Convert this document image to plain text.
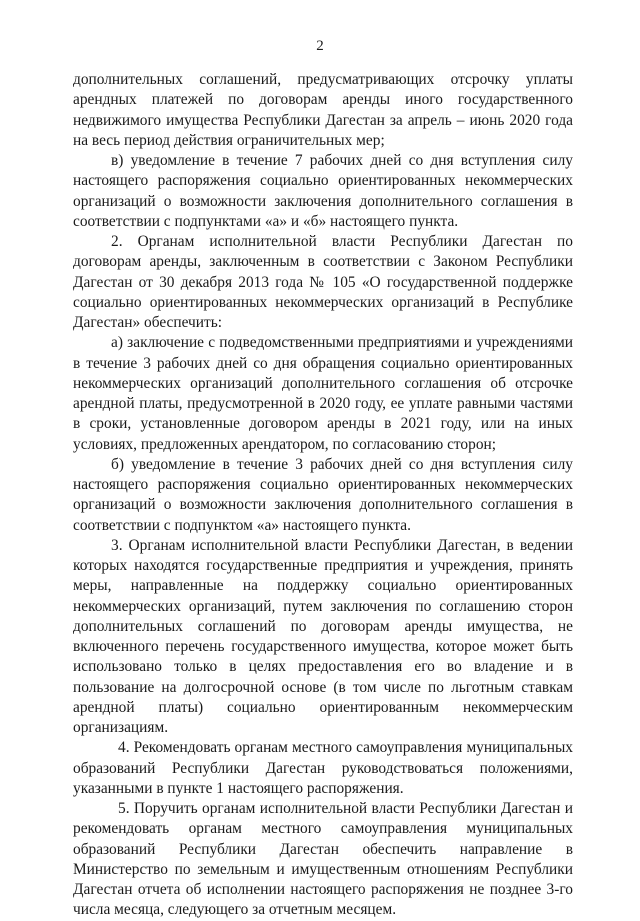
2

дополнительных соглашений, предусматривающих отсрочку уплаты арендных платежей по договорам аренды иного государственного недвижимого имущества Республики Дагестан за апрель – июнь 2020 года на весь период действия ограничительных мер;

в) уведомление в течение 7 рабочих дней со дня вступления силу настоящего распоряжения социально ориентированных некоммерческих организаций о возможности заключения дополнительного соглашения в соответствии с подпунктами «а» и «б» настоящего пункта.

2. Органам исполнительной власти Республики Дагестан по договорам аренды, заключенным в соответствии с Законом Республики Дагестан от 30 декабря 2013 года № 105 «О государственной поддержке социально ориентированных некоммерческих организаций в Республике Дагестан» обеспечить:

а) заключение с подведомственными предприятиями и учреждениями в течение 3 рабочих дней со дня обращения социально ориентированных некоммерческих организаций дополнительного соглашения об отсрочке арендной платы, предусмотренной в 2020 году, ее уплате равными частями в сроки, установленные договором аренды в 2021 году, или на иных условиях, предложенных арендатором, по согласованию сторон;

б) уведомление в течение 3 рабочих дней со дня вступления силу настоящего распоряжения социально ориентированных некоммерческих организаций о возможности заключения дополнительного соглашения в соответствии с подпунктом «а» настоящего пункта.

3. Органам исполнительной власти Республики Дагестан, в ведении которых находятся государственные предприятия и учреждения, принять меры, направленные на поддержку социально ориентированных некоммерческих организаций, путем заключения по соглашению сторон дополнительных соглашений по договорам аренды имущества, не включенного перечень государственного имущества, которое может быть использовано только в целях предоставления его во владение и в пользование на долгосрочной основе (в том числе по льготным ставкам арендной платы) социально ориентированным некоммерческим организациям.

4. Рекомендовать органам местного самоуправления муниципальных образований Республики Дагестан руководствоваться положениями, указанными в пункте 1 настоящего распоряжения.

5. Поручить органам исполнительной власти Республики Дагестан и рекомендовать органам местного самоуправления муниципальных образований Республики Дагестан обеспечить направление в Министерство по земельным и имущественным отношениям Республики Дагестан отчета об исполнении настоящего распоряжения не позднее 3-го числа месяца, следующего за отчетным месяцем.
